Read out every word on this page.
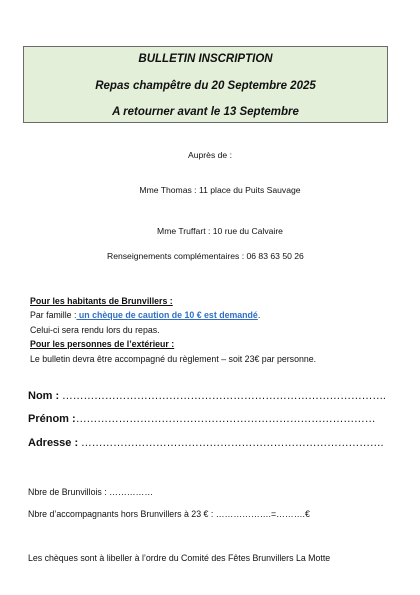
BULLETIN INSCRIPTION
Repas champêtre du 20 Septembre 2025
A retourner avant le 13 Septembre
Auprès de :
Mme Thomas : 11 place du Puits Sauvage
Mme Truffart : 10 rue du Calvaire
Renseignements complémentaires : 06 83 63 50 26
Pour les habitants de Brunvillers :
Par famille : un chèque de caution de 10 € est demandé.
Celui-ci sera rendu lors du repas.
Pour les personnes de l’extérieur :
Le bulletin devra être accompagné du règlement – soit 23€ par personne.
Nom : ……………………………………………………………………………….
Prénom :…………………………………………………………………………
Adresse : ………………………………………………………………………….
Nbre de Brunvillois : ……………
Nbre d’accompagnants hors Brunvillers à 23 € : ……………….=……….€
Les chèques sont à libeller à l’ordre du Comité des Fêtes Brunvillers La Motte
